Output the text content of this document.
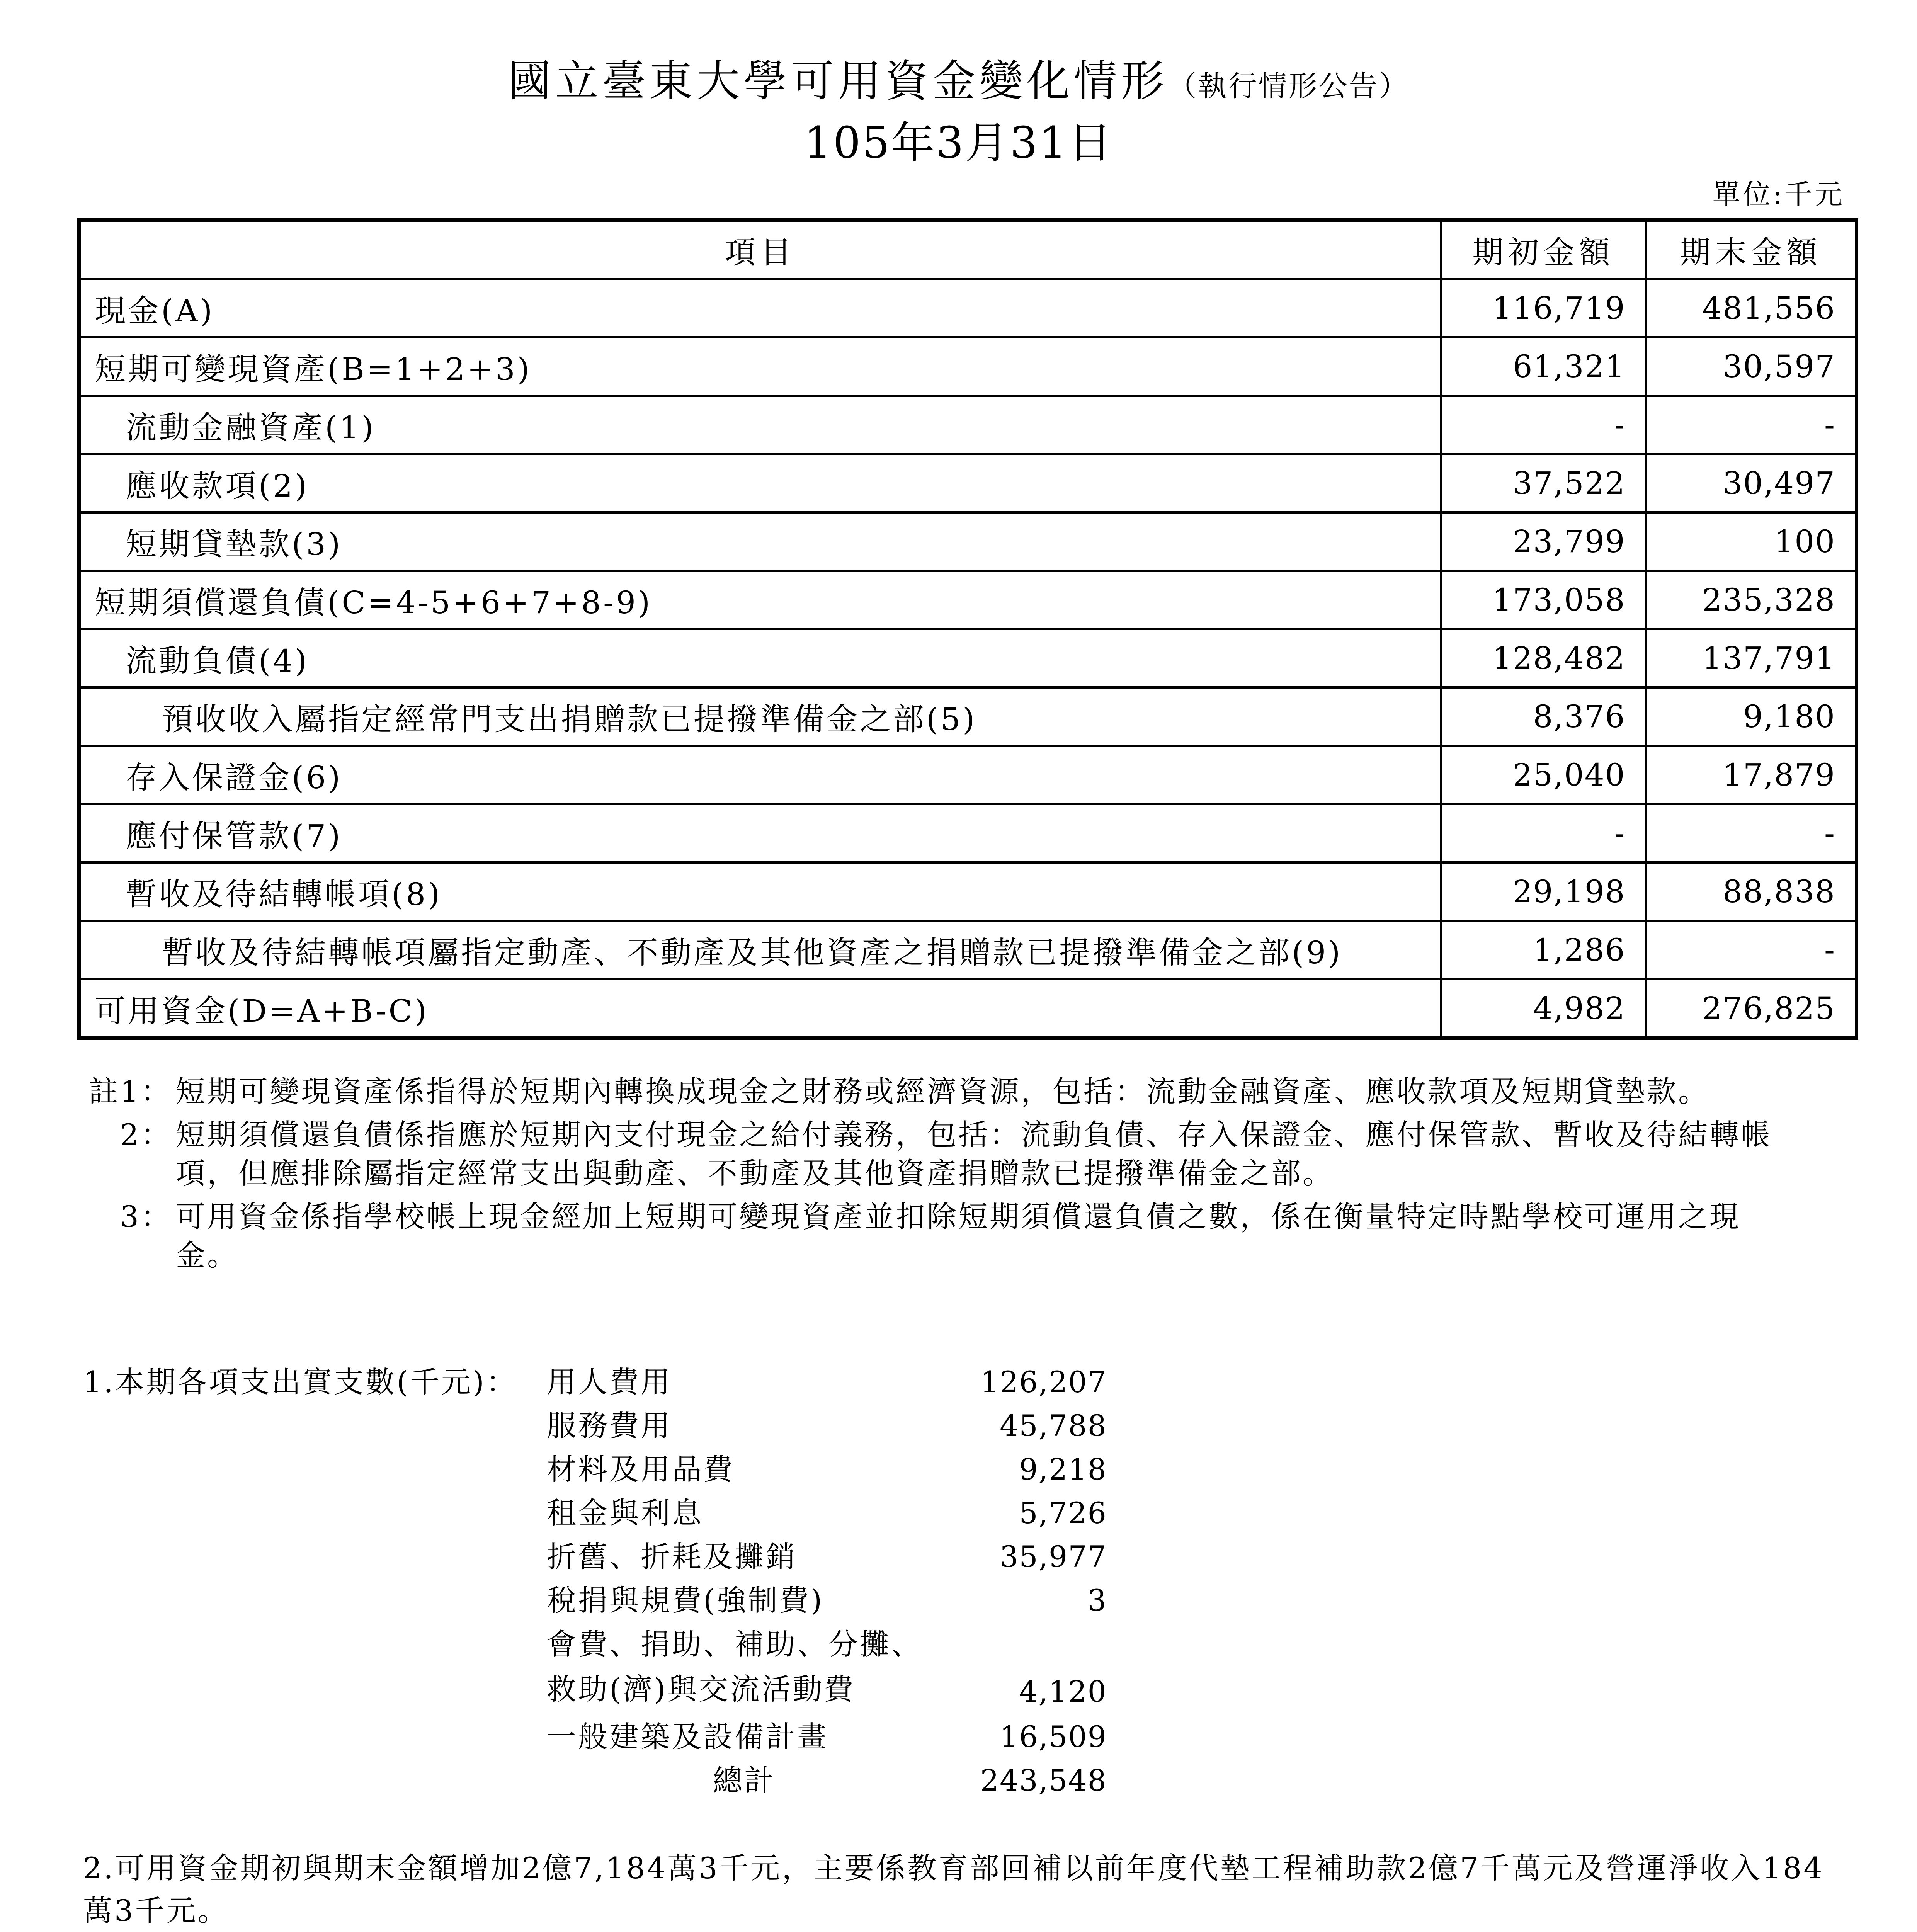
國立臺東大學可用資金變化情形（執行情形公告）
105年3月31日
單位:千元
項目	期初金額	期末金額
現金(A)	116,719	481,556
短期可變現資產(B=1+2+3)	61,321	30,597
流動金融資產(1)	-	-
應收款項(2)	37,522	30,497
短期貸墊款(3)	23,799	100
短期須償還負債(C=4-5+6+7+8-9)	173,058	235,328
流動負債(4)	128,482	137,791
預收收入屬指定經常門支出捐贈款已提撥準備金之部(5)	8,376	9,180
存入保證金(6)	25,040	17,879
應付保管款(7)	-	-
暫收及待結轉帳項(8)	29,198	88,838
暫收及待結轉帳項屬指定動產、不動產及其他資產之捐贈款已提撥準備金之部(9)	1,286	-
可用資金(D=A+B-C)	4,982	276,825
註1： 短期可變現資產係指得於短期內轉換成現金之財務或經濟資源，包括：流動金融資產、應收款項及短期貸墊款。
2： 短期須償還負債係指應於短期內支付現金之給付義務，包括：流動負債、存入保證金、應付保管款、暫收及待結轉帳項，但應排除屬指定經常支出與動產、不動產及其他資產捐贈款已提撥準備金之部。
3： 可用資金係指學校帳上現金經加上短期可變現資產並扣除短期須償還負債之數，係在衡量特定時點學校可運用之現金。
1.本期各項支出實支數(千元)： 用人費用	126,207
服務費用	45,788
材料及用品費	9,218
租金與利息	5,726
折舊、折耗及攤銷	35,977
稅捐與規費(強制費)	3
會費、捐助、補助、分攤、救助(濟)與交流活動費	4,120
一般建築及設備計畫	16,509
總計	243,548
2.可用資金期初與期末金額增加2億7,184萬3千元，主要係教育部回補以前年度代墊工程補助款2億7千萬元及營運淨收入184萬3千元。
